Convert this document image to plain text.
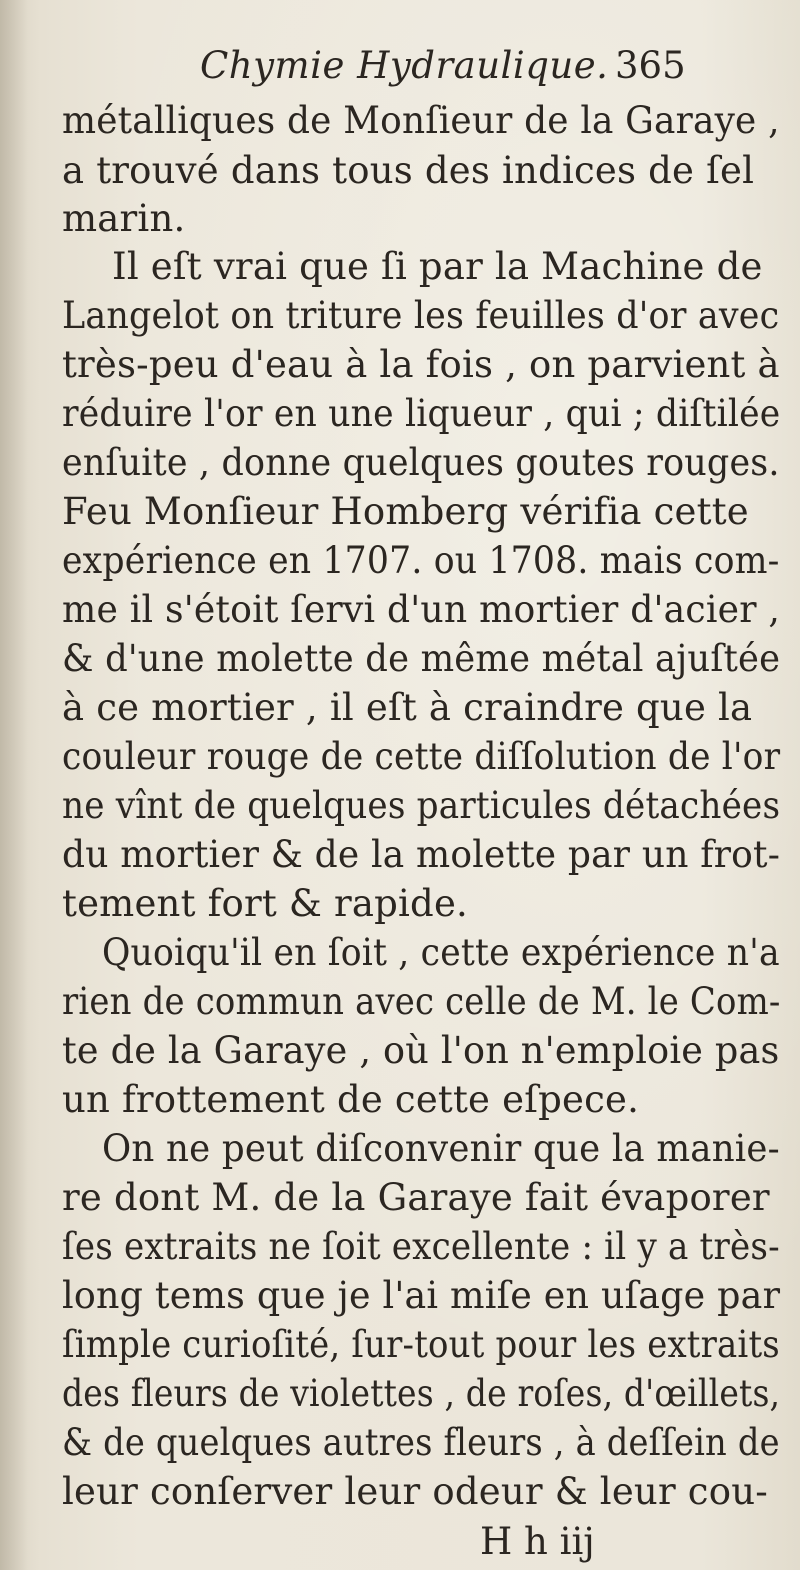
Chymie Hydraulique. 365
métalliques de Monſieur de la Garaye ,
a trouvé dans tous des indices de ſel
marin.
Il eſt vrai que ſi par la Machine de
Langelot on triture les feuilles d'or avec
très-peu d'eau à la fois , on parvient à
réduire l'or en une liqueur , qui ; diſtilée
enſuite , donne quelques goutes rouges.
Feu Monſieur Homberg vérifia cette
expérience en 1707. ou 1708. mais com-
me il s'étoit ſervi d'un mortier d'acier ,
& d'une molette de même métal ajuſtée
à ce mortier , il eſt à craindre que la
couleur rouge de cette diſſolution de l'or
ne vînt de quelques particules détachées
du mortier & de la molette par un frot-
tement fort & rapide.
Quoiqu'il en ſoit , cette expérience n'a
rien de commun avec celle de M. le Com-
te de la Garaye , où l'on n'emploie pas
un frottement de cette eſpece.
On ne peut diſconvenir que la manie-
re dont M. de la Garaye fait évaporer
ſes extraits ne ſoit excellente : il y a très-
long tems que je l'ai miſe en uſage par
ſimple curioſité, ſur-tout pour les extraits
des fleurs de violettes , de roſes, d'œillets,
& de quelques autres fleurs , à deſſein de
leur conſerver leur odeur & leur cou-
H h iij
